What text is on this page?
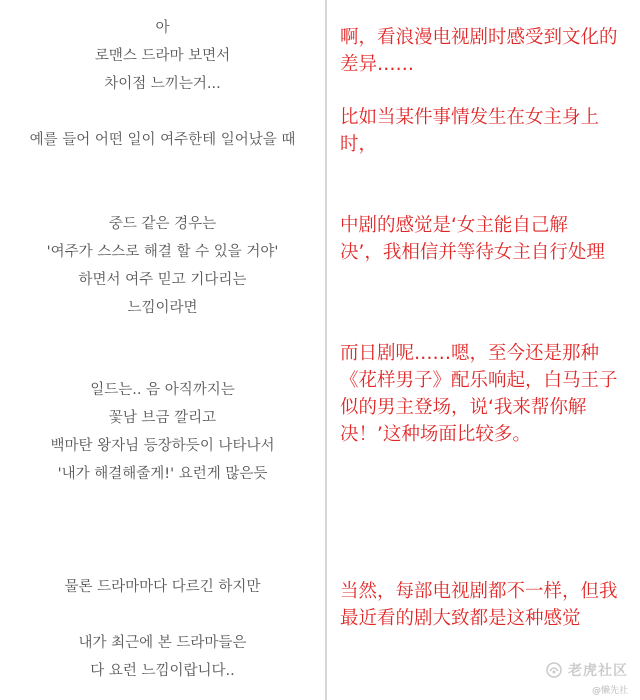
아
로맨스 드라마 보면서
차이점 느끼는거...
예를 들어 어떤 일이 여주한테 일어났을 때
중드 같은 경우는
'여주가 스스로 해결 할 수 있을 거야'
하면서 여주 믿고 기다리는
느낌이라면
일드는.. 음 아직까지는
꽃남 브금 깔리고
백마탄 왕자님 등장하듯이 나타나서
'내가 해결해줄게!' 요런게 많은듯
물론 드라마마다 다르긴 하지만
내가 최근에 본 드라마들은
다 요런 느낌이랍니다..
啊，看浪漫电视剧时感受到文化的
差异……
比如当某件事情发生在女主身上
时，
中剧的感觉是‘女主能自己解
决’，我相信并等待女主自行处理
而日剧呢……嗯，至今还是那种
《花样男子》配乐响起，白马王子
似的男主登场，说‘我来帮你解
决！’这种场面比较多。
当然，每部电视剧都不一样，但我
最近看的剧大致都是这种感觉
老虎社区
@懒先社
